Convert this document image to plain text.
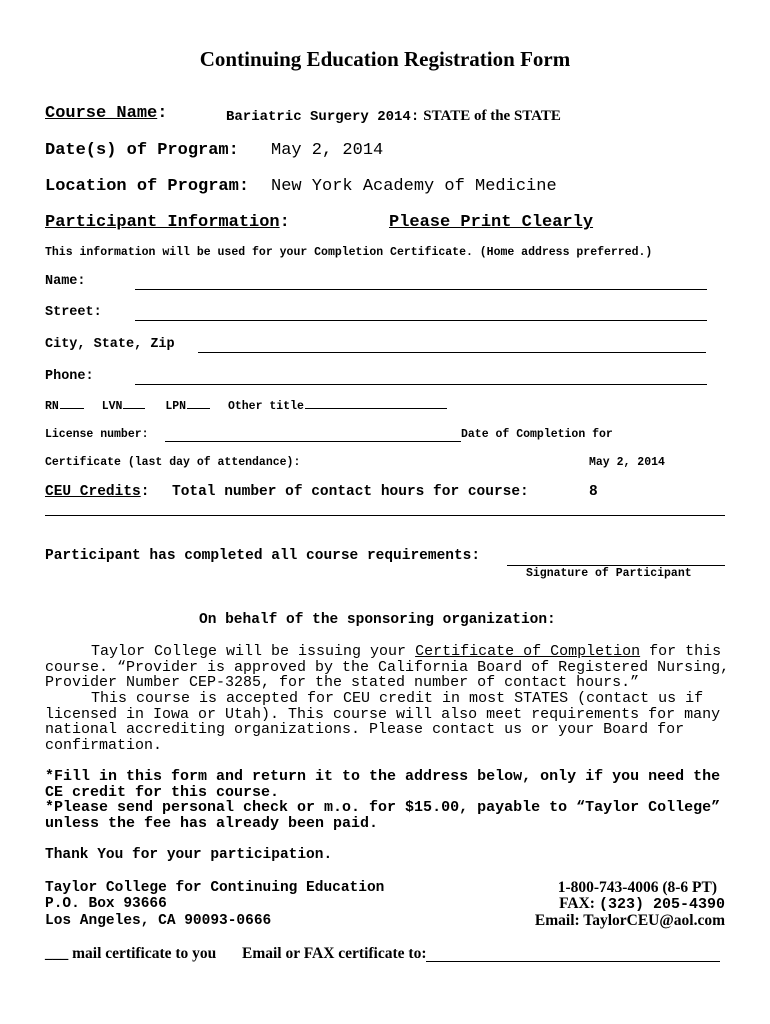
Continuing Education Registration Form
Course Name:	Bariatric Surgery 2014: STATE of the STATE
Date(s) of Program: May 2, 2014
Location of Program: New York Academy of Medicine
Participant Information:	Please Print Clearly
This information will be used for your Completion Certificate. (Home address preferred.)
Name:
Street:
City, State, Zip
Phone:
RN	LVN	LPN	Other title
License number:	Date of Completion for
Certificate (last day of attendance):	May 2, 2014
CEU Credits: Total number of contact hours for course:	8
Participant has completed all course requirements:
Signature of Participant
On behalf of the sponsoring organization:
Taylor College will be issuing your Certificate of Completion for this course. “Provider is approved by the California Board of Registered Nursing, Provider Number CEP-3285, for the stated number of contact hours.”
This course is accepted for CEU credit in most STATES (contact us if licensed in Iowa or Utah). This course will also meet requirements for many national accrediting organizations. Please contact us or your Board for confirmation.
*Fill in this form and return it to the address below, only if you need the CE credit for this course.
*Please send personal check or m.o. for $15.00, payable to “Taylor College” unless the fee has already been paid.
Thank You for your participation.
Taylor College for Continuing Education
P.O. Box 93666
Los Angeles, CA 90093-0666
1-800-743-4006 (8-6 PT)
FAX: (323) 205-4390
Email: TaylorCEU@aol.com
___ mail certificate to you Email or FAX certificate to:
